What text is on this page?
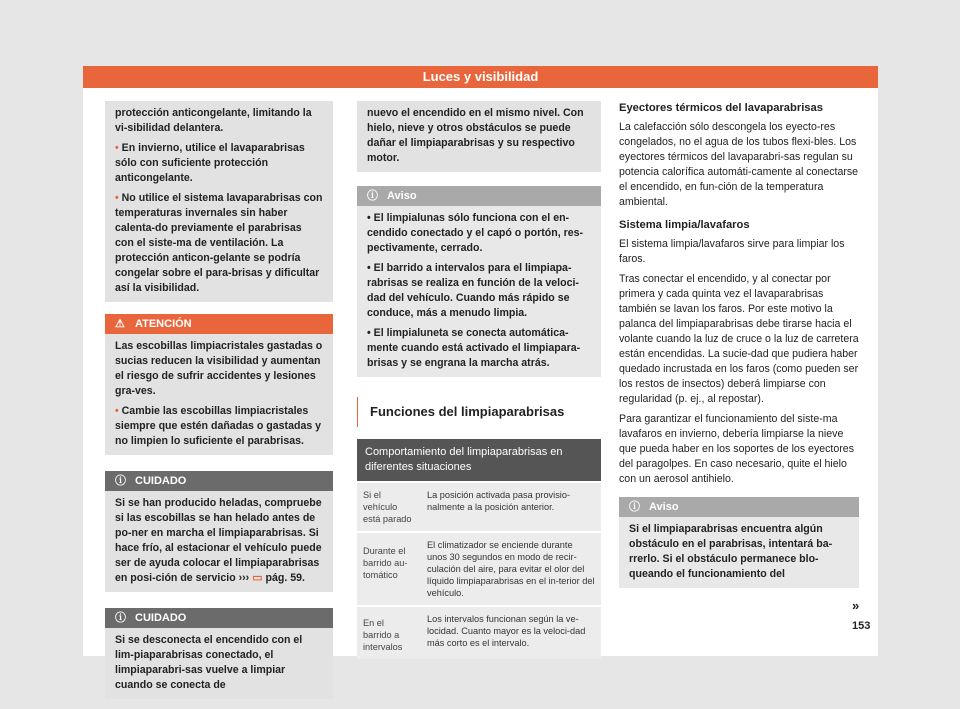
Luces y visibilidad

protección anticongelante, limitando la vi-sibilidad delantera.

• En invierno, utilice el lavaparabrisas sólo con suficiente protección anticongelante.

• No utilice el sistema lavaparabrisas con temperaturas invernales sin haber calenta-do previamente el parabrisas con el siste-ma de ventilación. La protección anticon-gelante se podría congelar sobre el para-brisas y dificultar así la visibilidad.

⚠ ATENCIÓN

Las escobillas limpiacristales gastadas o sucias reducen la visibilidad y aumentan el riesgo de sufrir accidentes y lesiones gra-ves.

• Cambie las escobillas limpiacristales siempre que estén dañadas o gastadas y no limpien lo suficiente el parabrisas.

ⓘ CUIDADO
Si se han producido heladas, compruebe si las escobillas se han helado antes de po-ner en marcha el limpiaparabrisas. Si hace frío, al estacionar el vehículo puede ser de ayuda colocar el limpiaparabrisas en posi-ción de servicio ››› ▭ pág. 59.
ⓘ CUIDADO
Si se desconecta el encendido con el lim-piaparabrisas conectado, el limpiaparabri-sas vuelve a limpiar cuando se conecta de
nuevo el encendido en el mismo nivel. Con hielo, nieve y otros obstáculos se puede dañar el limpiaparabrisas y su respectivo motor.
ⓘ Aviso

• El limpialunas sólo funciona con el en-cendido conectado y el capó o portón, res-pectivamente, cerrado.

• El barrido a intervalos para el limpiapa-rabrisas se realiza en función de la veloci-dad del vehículo. Cuando más rápido se conduce, más a menudo limpia.

• El limpialuneta se conecta automática-mente cuando está activado el limpiapara-brisas y se engrana la marcha atrás.

Funciones del limpiaparabrisas
Comportamiento del limpiaparabrisas en diferentes situaciones	
Si el vehículo está parado	La posición activada pasa provisio-nalmente a la posición anterior.
Durante el barrido au-tomático	El climatizador se enciende durante unos 30 segundos en modo de recir-culación del aire, para evitar el olor del líquido limpiaparabrisas en el in-terior del vehículo.
En el barrido a intervalos	Los intervalos funcionan según la ve-locidad. Cuanto mayor es la veloci-dad más corto es el intervalo.
Eyectores térmicos del lavaparabrisas

La calefacción sólo descongela los eyecto-res congelados, no el agua de los tubos flexi-bles. Los eyectores térmicos del lavaparabri-sas regulan su potencia calorífica automáti-camente al conectarse el encendido, en fun-ción de la temperatura ambiental.

Sistema limpia/lavafaros

El sistema limpia/lavafaros sirve para limpiar los faros.

Tras conectar el encendido, y al conectar por primera y cada quinta vez el lavaparabrisas también se lavan los faros. Por este motivo la palanca del limpiaparabrisas debe tirarse hacia el volante cuando la luz de cruce o la luz de carretera están encendidas. La sucie-dad que pudiera haber quedado incrustada en los faros (como pueden ser los restos de insectos) deberá limpiarse con regularidad (p. ej., al repostar).

Para garantizar el funcionamiento del siste-ma lavafaros en invierno, debería limpiarse la nieve que pueda haber en los soportes de los eyectores del paragolpes. En caso necesario, quite el hielo con un aerosol antihielo.

ⓘ Aviso
Si el limpiaparabrisas encuentra algún obstáculo en el parabrisas, intentará ba-rrerlo. Si el obstáculo permanece blo-queando el funcionamiento del
»
153
